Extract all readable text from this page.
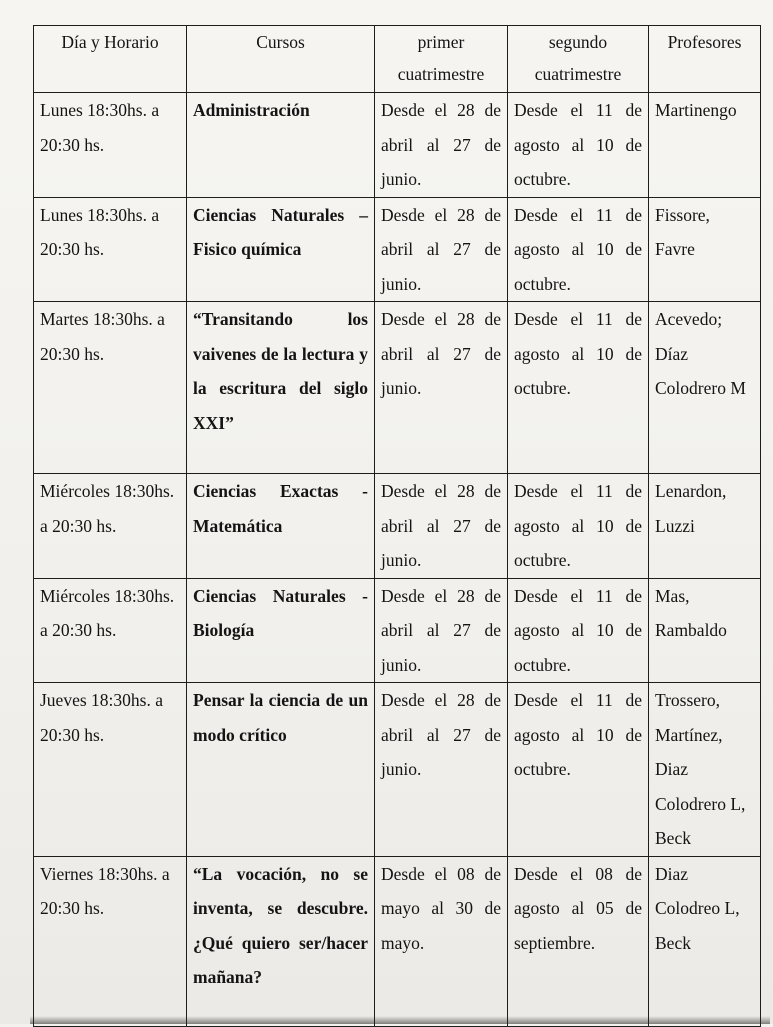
Día y Horario	Cursos	primer cuatrimestre	segundo cuatrimestre	Profesores
Lunes 18:30hs. a 20:30 hs.	Administración	Desde el 28 de abril al 27 de junio.	Desde el 11 de agosto al 10 de octubre.	Martinengo
Lunes 18:30hs. a 20:30 hs.	Ciencias Naturales – Fisico química	Desde el 28 de abril al 27 de junio.	Desde el 11 de agosto al 10 de octubre.	Fissore, Favre
Martes 18:30hs. a 20:30 hs.	“Transitando los vaivenes de la lectura y la escritura del siglo XXI”	Desde el 28 de abril al 27 de junio.	Desde el 11 de agosto al 10 de octubre.	Acevedo; Díaz Colodrero M
Miércoles 18:30hs. a 20:30 hs.	Ciencias Exactas - Matemática	Desde el 28 de abril al 27 de junio.	Desde el 11 de agosto al 10 de octubre.	Lenardon, Luzzi
Miércoles 18:30hs. a 20:30 hs.	Ciencias Naturales - Biología	Desde el 28 de abril al 27 de junio.	Desde el 11 de agosto al 10 de octubre.	Mas, Rambaldo
Jueves 18:30hs. a 20:30 hs.	Pensar la ciencia de un modo crítico	Desde el 28 de abril al 27 de junio.	Desde el 11 de agosto al 10 de octubre.	Trossero, Martínez, Diaz Colodrero L, Beck
Viernes 18:30hs. a 20:30 hs.	“La vocación, no se inventa, se descubre. ¿Qué quiero ser/hacer mañana?	Desde el 08 de mayo al 30 de mayo.	Desde el 08 de agosto al 05 de septiembre.	Diaz Colodreo L, Beck
